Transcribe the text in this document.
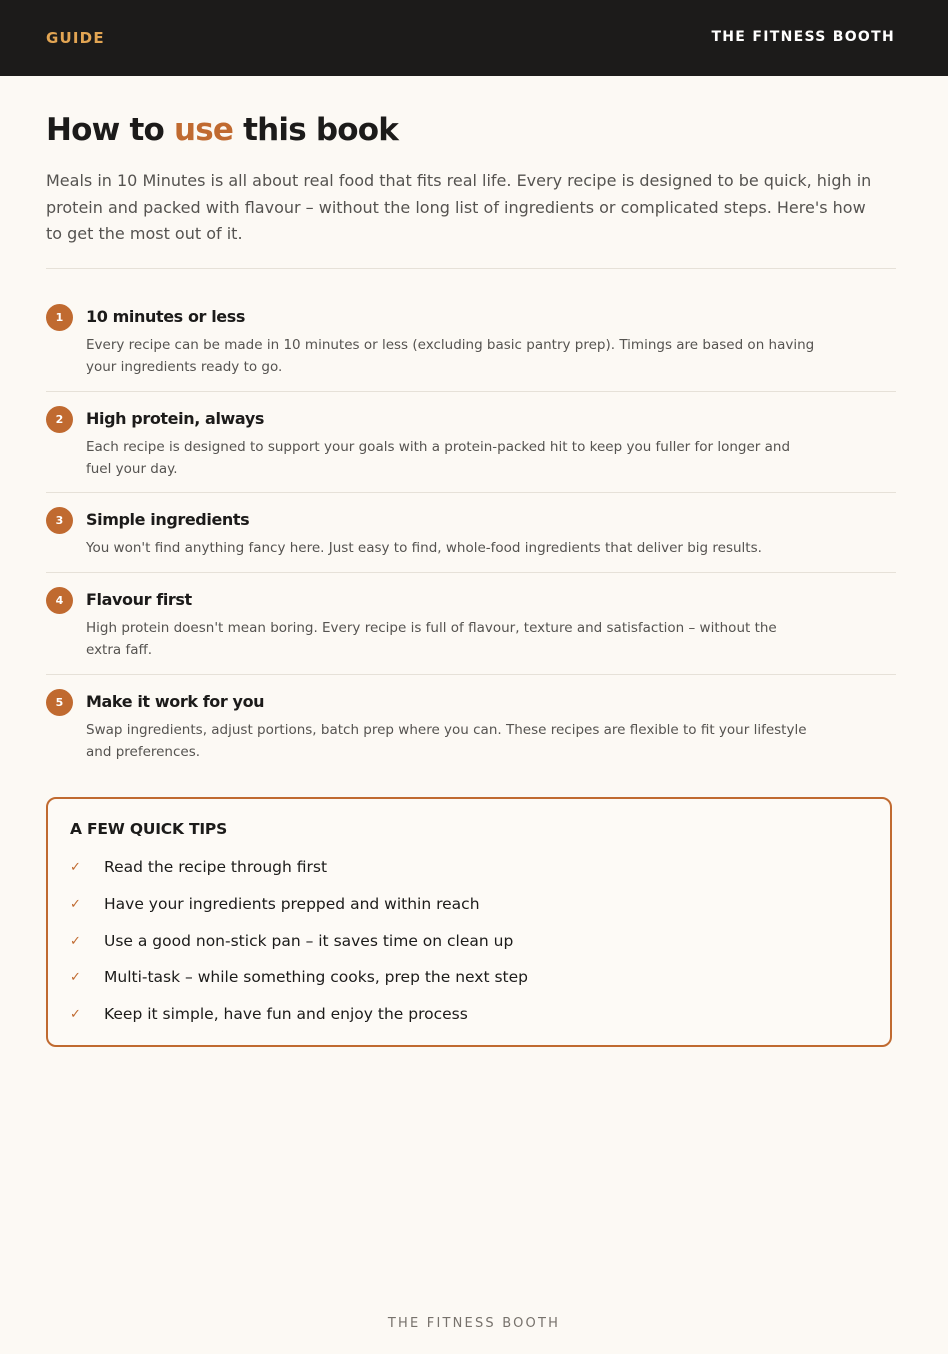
GUIDE	THE FITNESS BOOTH
How to use this book

Meals in 10 Minutes is all about real food that fits real life. Every recipe is designed to be quick, high in protein and packed with flavour – without the long list of ingredients or complicated steps. Here's how to get the most out of it.

1	10 minutes or less
Every recipe can be made in 10 minutes or less (excluding basic pantry prep). Timings are based on having your ingredients ready to go.
2	High protein, always
Each recipe is designed to support your goals with a protein-packed hit to keep you fuller for longer and fuel your day.
3	Simple ingredients
You won't find anything fancy here. Just easy to find, whole-food ingredients that deliver big results.
4	Flavour first
High protein doesn't mean boring. Every recipe is full of flavour, texture and satisfaction – without the extra faff.
5	Make it work for you
Swap ingredients, adjust portions, batch prep where you can. These recipes are flexible to fit your lifestyle and preferences.
A FEW QUICK TIPS
✓ Read the recipe through first
✓ Have your ingredients prepped and within reach
✓ Use a good non-stick pan – it saves time on clean up
✓ Multi-task – while something cooks, prep the next step
✓ Keep it simple, have fun and enjoy the process
THE FITNESS BOOTH
